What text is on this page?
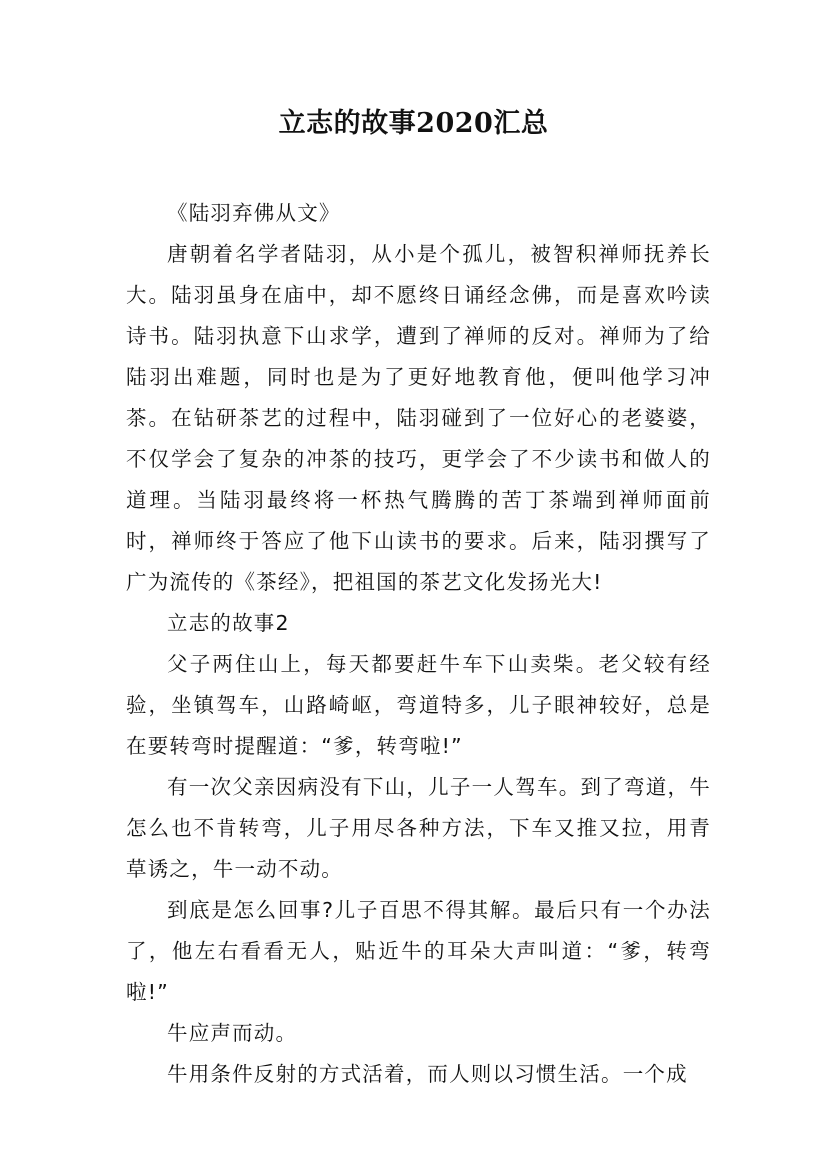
立志的故事2020汇总

《陆羽弃佛从文》

唐朝着名学者陆羽，从小是个孤儿，被智积禅师抚养长大。陆羽虽身在庙中，却不愿终日诵经念佛，而是喜欢吟读诗书。陆羽执意下山求学，遭到了禅师的反对。禅师为了给陆羽出难题，同时也是为了更好地教育他，便叫他学习冲茶。在钻研茶艺的过程中，陆羽碰到了一位好心的老婆婆，不仅学会了复杂的冲茶的技巧，更学会了不少读书和做人的道理。当陆羽最终将一杯热气腾腾的苦丁茶端到禅师面前时，禅师终于答应了他下山读书的要求。后来，陆羽撰写了广为流传的《茶经》，把祖国的茶艺文化发扬光大!

立志的故事2

父子两住山上，每天都要赶牛车下山卖柴。老父较有经验，坐镇驾车，山路崎岖，弯道特多，儿子眼神较好，总是在要转弯时提醒道：“爹，转弯啦!”

有一次父亲因病没有下山，儿子一人驾车。到了弯道，牛怎么也不肯转弯，儿子用尽各种方法，下车又推又拉，用青草诱之，牛一动不动。

到底是怎么回事?儿子百思不得其解。最后只有一个办法了，他左右看看无人，贴近牛的耳朵大声叫道：“爹，转弯啦!”

牛应声而动。

牛用条件反射的方式活着，而人则以习惯生活。一个成
